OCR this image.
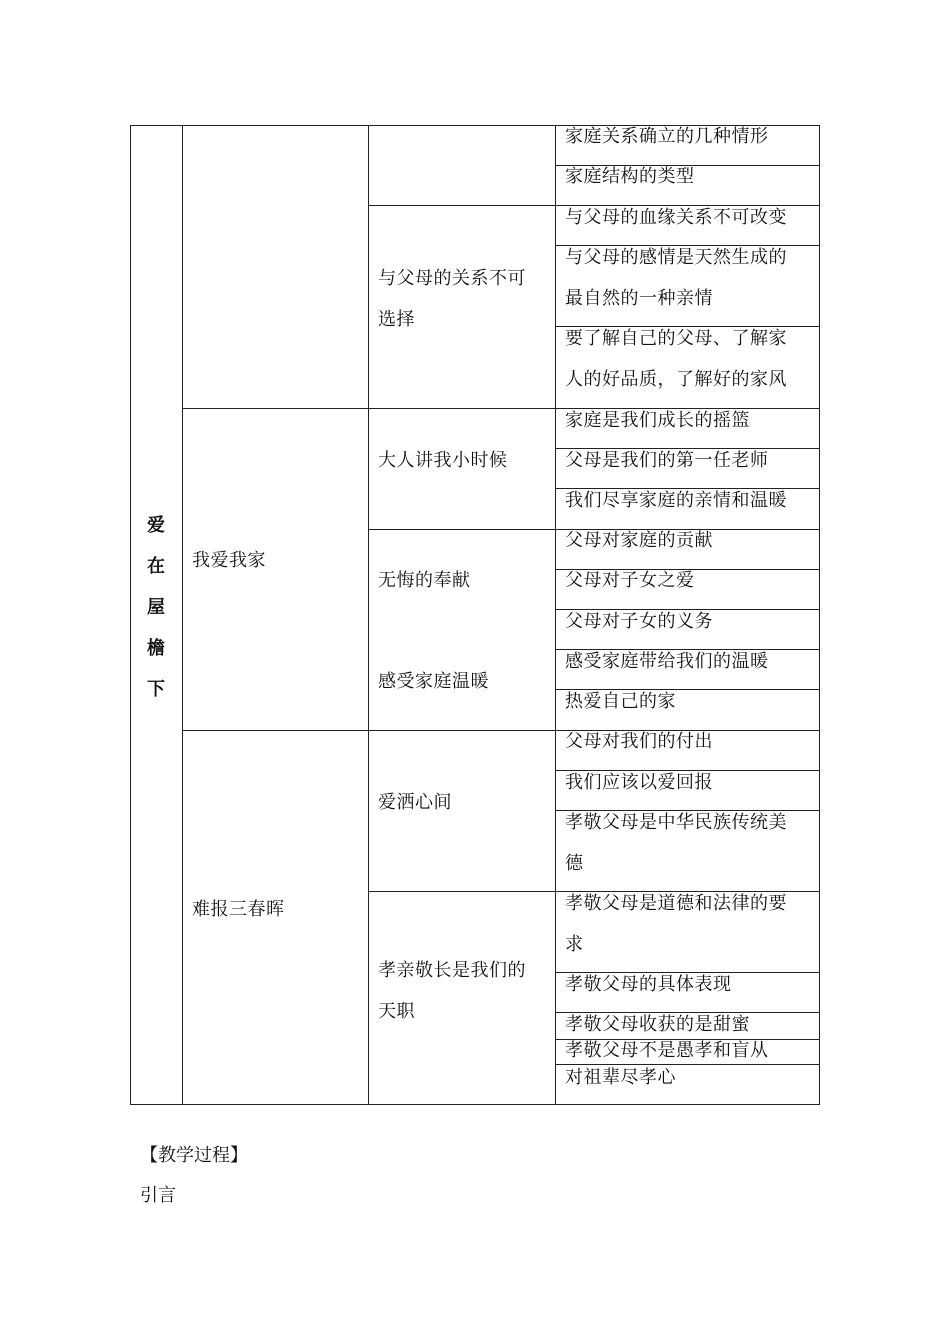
爱
在
屋
檐
下
我爱我家
难报三春晖
与父母的关系不可
选择
大人讲我小时候
无悔的奉献
感受家庭温暖
爱洒心间
孝亲敬长是我们的
天职
家庭关系确立的几种情形
家庭结构的类型
与父母的血缘关系不可改变
与父母的感情是天然生成的
最自然的一种亲情
要了解自己的父母、了解家
人的好品质，了解好的家风
家庭是我们成长的摇篮
父母是我们的第一任老师
我们尽享家庭的亲情和温暖
父母对家庭的贡献
父母对子女之爱
父母对子女的义务
感受家庭带给我们的温暖
热爱自己的家
父母对我们的付出
我们应该以爱回报
孝敬父母是中华民族传统美
德
孝敬父母是道德和法律的要
求
孝敬父母的具体表现
孝敬父母收获的是甜蜜
孝敬父母不是愚孝和盲从
对祖辈尽孝心
【教学过程】
引言
